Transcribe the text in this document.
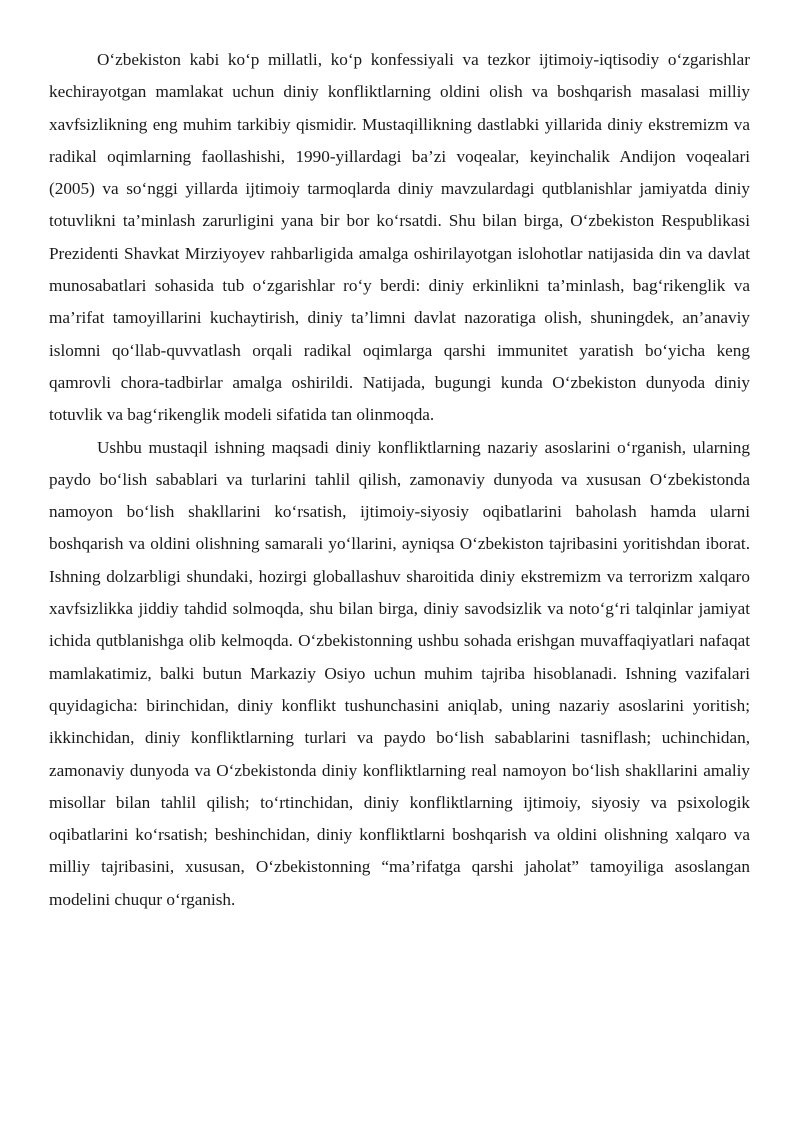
O‘zbekiston kabi ko‘p millatli, ko‘p konfessiyali va tezkor ijtimoiy-iqtisodiy o‘zgarishlar kechirayotgan mamlakat uchun diniy konfliktlarning oldini olish va boshqarish masalasi milliy xavfsizlikning eng muhim tarkibiy qismidir. Mustaqillikning dastlabki yillarida diniy ekstremizm va radikal oqimlarning faollashishi, 1990-yillardagi ba’zi voqealar, keyinchalik Andijon voqealari (2005) va so‘nggi yillarda ijtimoiy tarmoqlarda diniy mavzulardagi qutblanishlar jamiyatda diniy totuvlikni ta’minlash zarurligini yana bir bor ko‘rsatdi. Shu bilan birga, O‘zbekiston Respublikasi Prezidenti Shavkat Mirziyoyev rahbarligida amalga oshirilayotgan islohotlar natijasida din va davlat munosabatlari sohasida tub o‘zgarishlar ro‘y berdi: diniy erkinlikni ta’minlash, bag‘rikenglik va ma’rifat tamoyillarini kuchaytirish, diniy ta’limni davlat nazoratiga olish, shuningdek, an’anaviy islomni qo‘llab-quvvatlash orqali radikal oqimlarga qarshi immunitet yaratish bo‘yicha keng qamrovli chora-tadbirlar amalga oshirildi. Natijada, bugungi kunda O‘zbekiston dunyoda diniy totuvlik va bag‘rikenglik modeli sifatida tan olinmoqda.

Ushbu mustaqil ishning maqsadi diniy konfliktlarning nazariy asoslarini o‘rganish, ularning paydo bo‘lish sabablari va turlarini tahlil qilish, zamonaviy dunyoda va xususan O‘zbekistonda namoyon bo‘lish shakllarini ko‘rsatish, ijtimoiy-siyosiy oqibatlarini baholash hamda ularni boshqarish va oldini olishning samarali yo‘llarini, ayniqsa O‘zbekiston tajribasini yoritishdan iborat. Ishning dolzarbligi shundaki, hozirgi globallashuv sharoitida diniy ekstremizm va terrorizm xalqaro xavfsizlikka jiddiy tahdid solmoqda, shu bilan birga, diniy savodsizlik va noto‘g‘ri talqinlar jamiyat ichida qutblanishga olib kelmoqda. O‘zbekistonning ushbu sohada erishgan muvaffaqiyatlari nafaqat mamlakatimiz, balki butun Markaziy Osiyo uchun muhim tajriba hisoblanadi. Ishning vazifalari quyidagicha: birinchidan, diniy konflikt tushunchasini aniqlab, uning nazariy asoslarini yoritish; ikkinchidan, diniy konfliktlarning turlari va paydo bo‘lish sabablarini tasniflash; uchinchidan, zamonaviy dunyoda va O‘zbekistonda diniy konfliktlarning real namoyon bo‘lish shakllarini amaliy misollar bilan tahlil qilish; to‘rtinchidan, diniy konfliktlarning ijtimoiy, siyosiy va psixologik oqibatlarini ko‘rsatish; beshinchidan, diniy konfliktlarni boshqarish va oldini olishning xalqaro va milliy tajribasini, xususan, O‘zbekistonning “ma’rifatga qarshi jaholat” tamoyiliga asoslangan modelini chuqur o‘rganish.
